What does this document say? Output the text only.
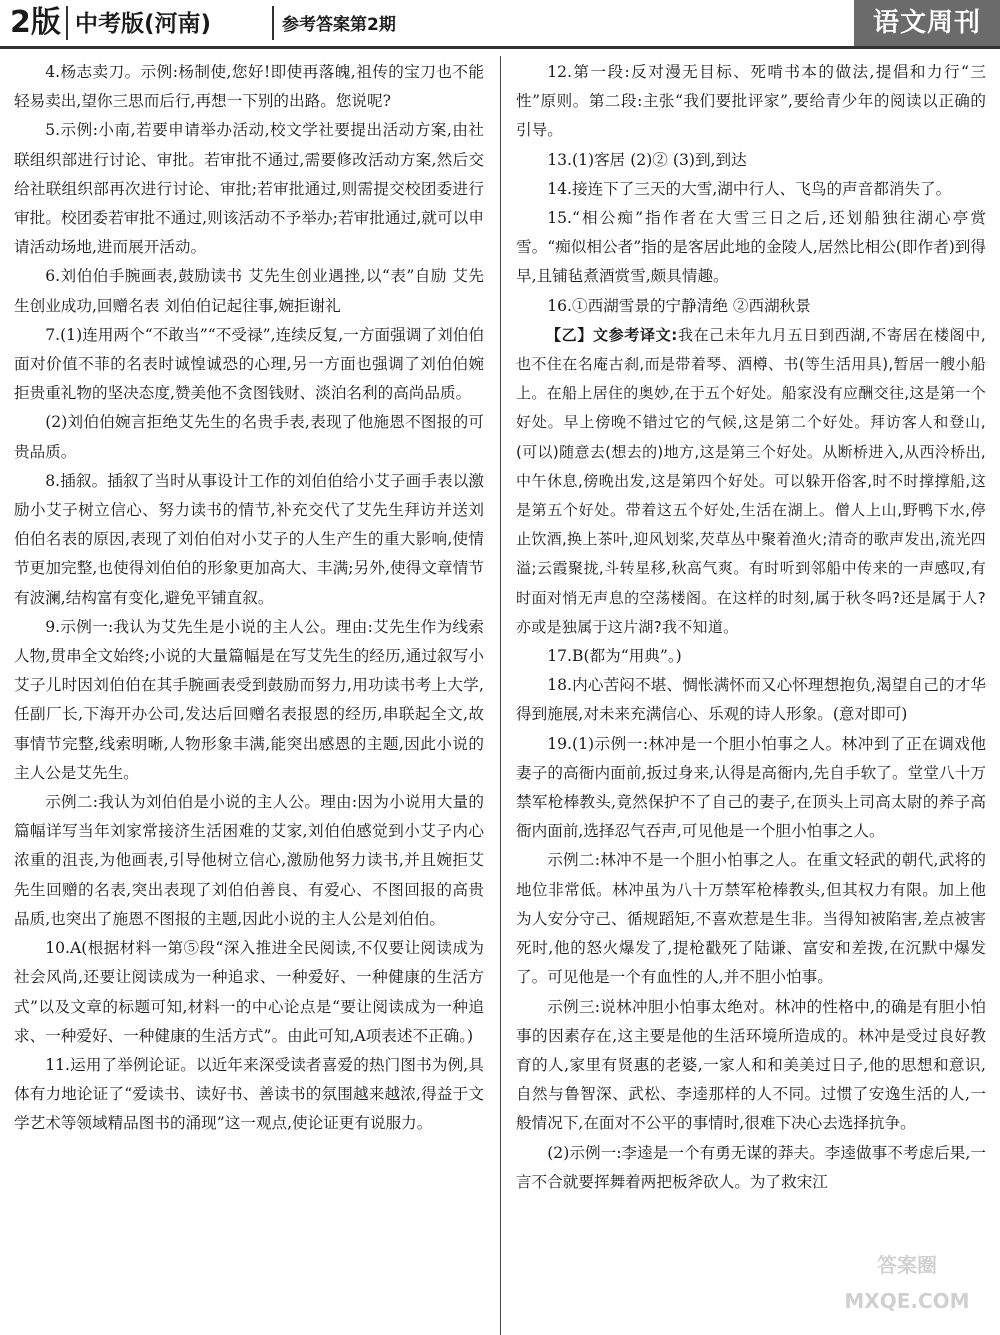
2版 中考版(河南)	参考答案第2期	语文周刊

4.杨志卖刀。示例:杨制使,您好!即使再落魄,祖传的宝刀也不能轻易卖出,望你三思而后行,再想一下别的出路。您说呢?

5.示例:小南,若要申请举办活动,校文学社要提出活动方案,由社联组织部进行讨论、审批。若审批不通过,需要修改活动方案,然后交给社联组织部再次进行讨论、审批;若审批通过,则需提交校团委进行审批。校团委若审批不通过,则该活动不予举办;若审批通过,就可以申请活动场地,进而展开活动。

6.刘伯伯手腕画表,鼓励读书 艾先生创业遇挫,以“表”自励 艾先生创业成功,回赠名表 刘伯伯记起往事,婉拒谢礼

7.(1)连用两个“不敢当”“不受禄”,连续反复,一方面强调了刘伯伯面对价值不菲的名表时诚惶诚恐的心理,另一方面也强调了刘伯伯婉拒贵重礼物的坚决态度,赞美他不贪图钱财、淡泊名利的高尚品质。

(2)刘伯伯婉言拒绝艾先生的名贵手表,表现了他施恩不图报的可贵品质。

8.插叙。插叙了当时从事设计工作的刘伯伯给小艾子画手表以激励小艾子树立信心、努力读书的情节,补充交代了艾先生拜访并送刘伯伯名表的原因,表现了刘伯伯对小艾子的人生产生的重大影响,使情节更加完整,也使得刘伯伯的形象更加高大、丰满;另外,使得文章情节有波澜,结构富有变化,避免平铺直叙。

9.示例一:我认为艾先生是小说的主人公。理由:艾先生作为线索人物,贯串全文始终;小说的大量篇幅是在写艾先生的经历,通过叙写小艾子儿时因刘伯伯在其手腕画表受到鼓励而努力,用功读书考上大学,任副厂长,下海开办公司,发达后回赠名表报恩的经历,串联起全文,故事情节完整,线索明晰,人物形象丰满,能突出感恩的主题,因此小说的主人公是艾先生。

示例二:我认为刘伯伯是小说的主人公。理由:因为小说用大量的篇幅详写当年刘家常接济生活困难的艾家,刘伯伯感觉到小艾子内心浓重的沮丧,为他画表,引导他树立信心,激励他努力读书,并且婉拒艾先生回赠的名表,突出表现了刘伯伯善良、有爱心、不图回报的高贵品质,也突出了施恩不图报的主题,因此小说的主人公是刘伯伯。

10.A(根据材料一第⑤段“深入推进全民阅读,不仅要让阅读成为社会风尚,还要让阅读成为一种追求、一种爱好、一种健康的生活方式”以及文章的标题可知,材料一的中心论点是“要让阅读成为一种追求、一种爱好、一种健康的生活方式”。由此可知,A项表述不正确。)

11.运用了举例论证。以近年来深受读者喜爱的热门图书为例,具体有力地论证了“爱读书、读好书、善读书的氛围越来越浓,得益于文学艺术等领域精品图书的涌现”这一观点,使论证更有说服力。

12.第一段:反对漫无目标、死啃书本的做法,提倡和力行“三性”原则。第二段:主张“我们要批评家”,要给青少年的阅读以正确的引导。

13.(1)客居 (2)② (3)到,到达

14.接连下了三天的大雪,湖中行人、飞鸟的声音都消失了。

15.“相公痴”指作者在大雪三日之后,还划船独往湖心亭赏雪。“痴似相公者”指的是客居此地的金陵人,居然比相公(即作者)到得早,且铺毡煮酒赏雪,颇具情趣。

16.①西湖雪景的宁静清绝 ②西湖秋景

【乙】文参考译文:我在己未年九月五日到西湖,不寄居在楼阁中,也不住在名庵古刹,而是带着琴、酒樽、书(等生活用具),暂居一艘小船上。在船上居住的奥妙,在于五个好处。船家没有应酬交往,这是第一个好处。早上傍晚不错过它的气候,这是第二个好处。拜访客人和登山,(可以)随意去(想去的)地方,这是第三个好处。从断桥进入,从西泠桥出,中午休息,傍晚出发,这是第四个好处。可以躲开俗客,时不时撑撑船,这是第五个好处。带着这五个好处,生活在湖上。僧人上山,野鸭下水,停止饮酒,换上茶叶,迎风划桨,芡草丛中聚着渔火;清奇的歌声发出,流光四溢;云霞聚拢,斗转星移,秋高气爽。有时听到邻船中传来的一声感叹,有时面对悄无声息的空荡楼阁。在这样的时刻,属于秋冬吗?还是属于人?亦或是独属于这片湖?我不知道。

17.B(都为“用典”。)

18.内心苦闷不堪、惆怅满怀而又心怀理想抱负,渴望自己的才华得到施展,对未来充满信心、乐观的诗人形象。(意对即可)

19.(1)示例一:林冲是一个胆小怕事之人。林冲到了正在调戏他妻子的高衙内面前,扳过身来,认得是高衙内,先自手软了。堂堂八十万禁军枪棒教头,竟然保护不了自己的妻子,在顶头上司高太尉的养子高衙内面前,选择忍气吞声,可见他是一个胆小怕事之人。

示例二:林冲不是一个胆小怕事之人。在重文轻武的朝代,武将的地位非常低。林冲虽为八十万禁军枪棒教头,但其权力有限。加上他为人安分守己、循规蹈矩,不喜欢惹是生非。当得知被陷害,差点被害死时,他的怒火爆发了,提枪戳死了陆谦、富安和差拨,在沉默中爆发了。可见他是一个有血性的人,并不胆小怕事。

示例三:说林冲胆小怕事太绝对。林冲的性格中,的确是有胆小怕事的因素存在,这主要是他的生活环境所造成的。林冲是受过良好教育的人,家里有贤惠的老婆,一家人和和美美过日子,他的思想和意识,自然与鲁智深、武松、李逵那样的人不同。过惯了安逸生活的人,一般情况下,在面对不公平的事情时,很难下决心去选择抗争。

(2)示例一:李逵是一个有勇无谋的莽夫。李逵做事不考虑后果,一言不合就要挥舞着两把板斧砍人。为了救宋江

答案圈 MXQE.COM
